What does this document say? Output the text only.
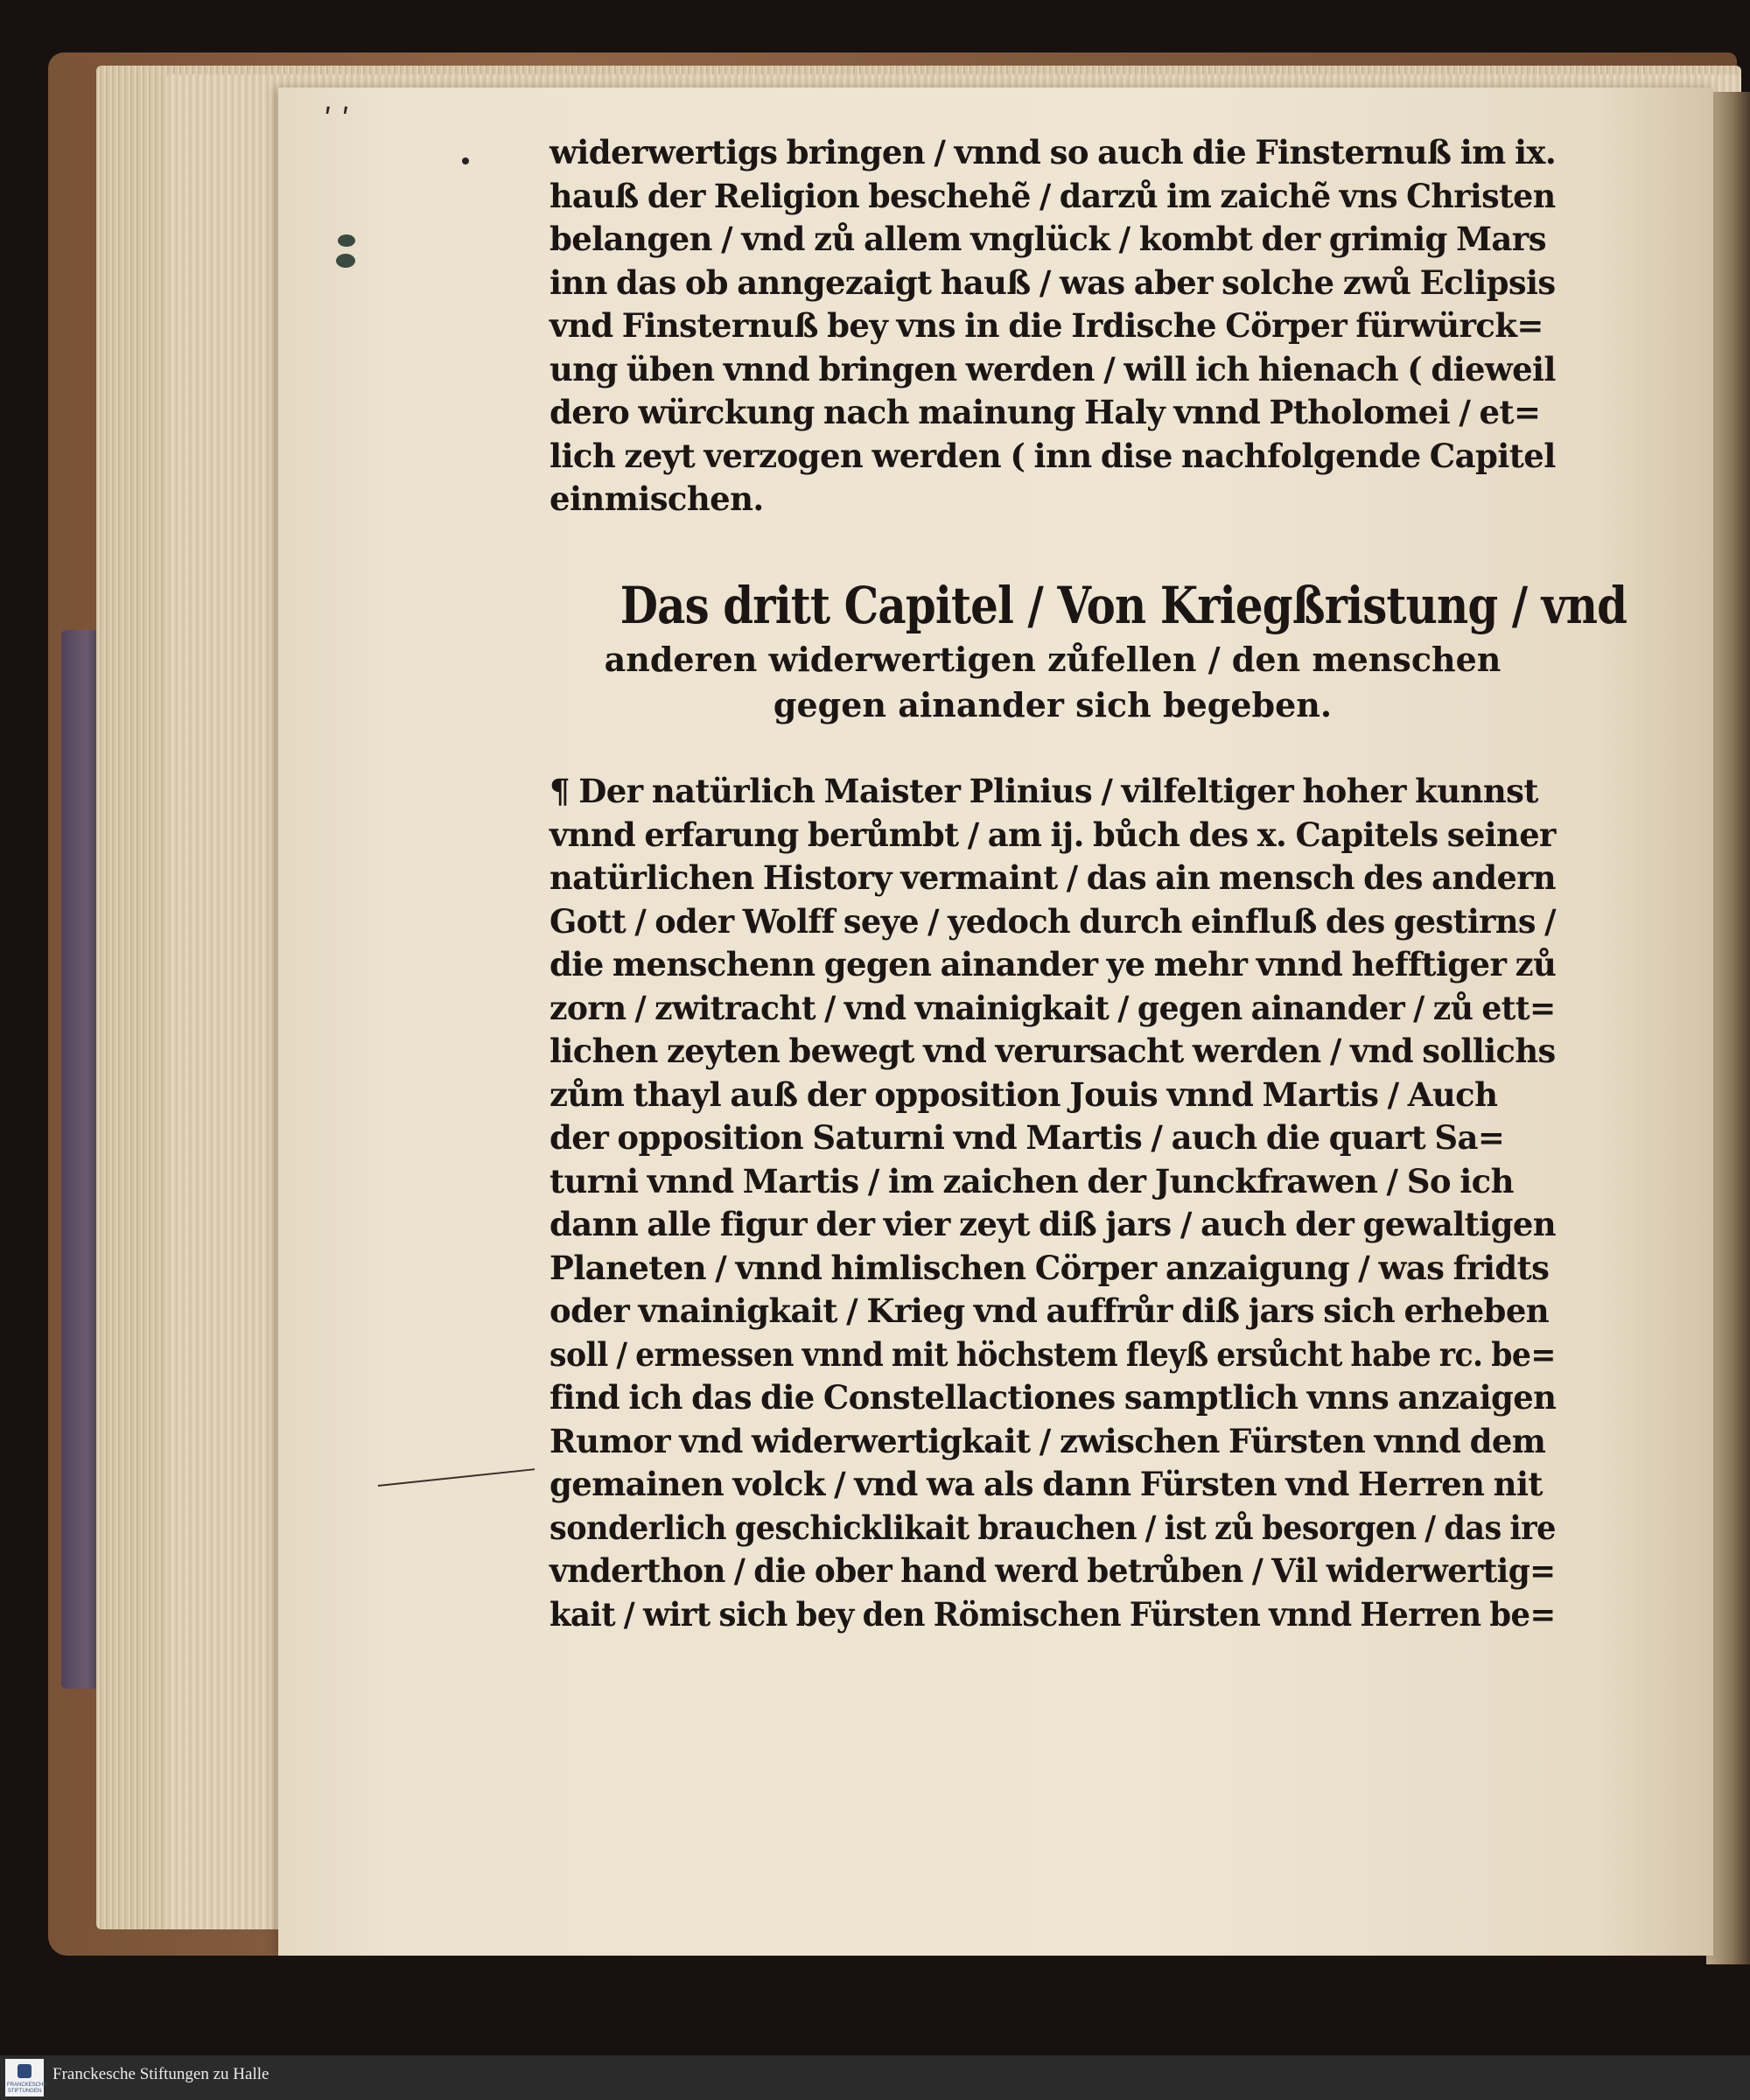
ʹ ʹ
widerwertigs bringen / vnnd so auch die Finsternuß im ix.
hauß der Religion beschehẽ / darzů im zaichẽ vns Christen
belangen / vnd zů allem vnglück / kombt der grimig Mars
inn das ob anngezaigt hauß / was aber solche zwů Eclipsis
vnd Finsternuß bey vns in die Irdische Cörper fürwürck=
ung üben vnnd bringen werden / will ich hienach ( dieweil
dero würckung nach mainung Haly vnnd Ptholomei / et=
lich zeyt verzogen werden ( inn dise nachfolgende Capitel
einmischen.
Das dritt Capitel / Von Kriegßristung / vnd
anderen widerwertigen zůfellen / den menschen
gegen ainander sich begeben.
¶ Der natürlich Maister Plinius / vilfeltiger hoher kunnst
vnnd erfarung berůmbt / am ij. bůch des x. Capitels seiner
natürlichen History vermaint / das ain mensch des andern
Gott / oder Wolff seye / yedoch durch einfluß des gestirns /
die menschenn gegen ainander ye mehr vnnd hefftiger zů
zorn / zwitracht / vnd vnainigkait / gegen ainander / zů ett=
lichen zeyten bewegt vnd verursacht werden / vnd sollichs
zům thayl auß der opposition Jouis vnnd Martis / Auch
der opposition Saturni vnd Martis / auch die quart Sa=
turni vnnd Martis / im zaichen der Junckfrawen / So ich
dann alle figur der vier zeyt diß jars / auch der gewaltigen
Planeten / vnnd himlischen Cörper anzaigung / was fridts
oder vnainigkait / Krieg vnd auffrůr diß jars sich erheben
soll / ermessen vnnd mit höchstem fleyß ersůcht habe rc. be=
find ich das die Constellactiones samptlich vnns anzaigen
Rumor vnd widerwertigkait / zwischen Fürsten vnnd dem
gemainen volck / vnd wa als dann Fürsten vnd Herren nit
sonderlich geschicklikait brauchen / ist zů besorgen / das ire
vnderthon / die ober hand werd betrůben / Vil widerwertig=
kait / wirt sich bey den Römischen Fürsten vnnd Herren be=
FRANCKESCHE STIFTUNGEN
Franckesche Stiftungen zu Halle
